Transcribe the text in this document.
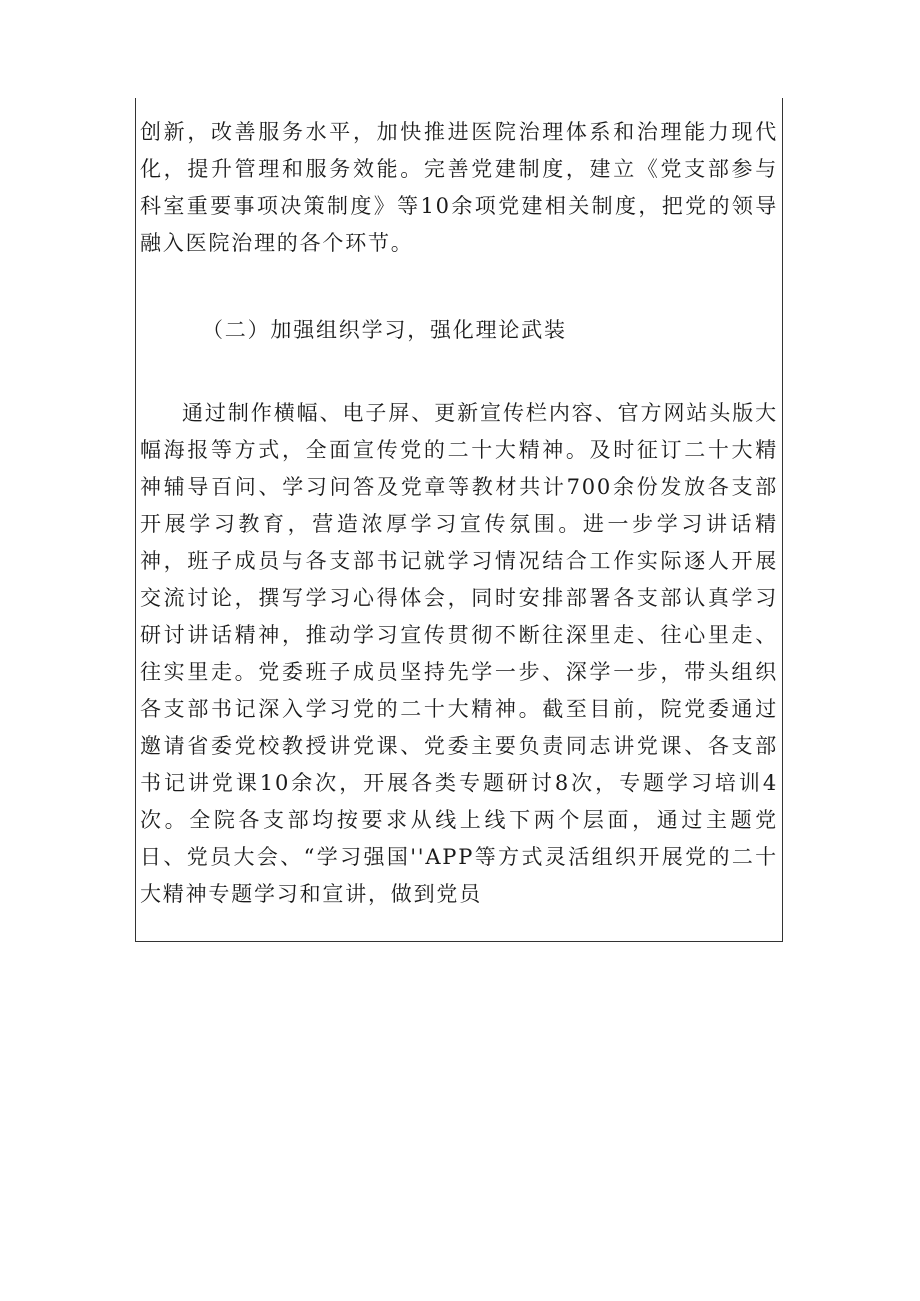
创新，改善服务水平，加快推进医院治理体系和治理能力现代化，提升管理和服务效能。完善党建制度，建立《党支部参与科室重要事项决策制度》等10余项党建相关制度，把党的领导融入医院治理的各个环节。

（二）加强组织学习，强化理论武装

通过制作横幅、电子屏、更新宣传栏内容、官方网站头版大幅海报等方式，全面宣传党的二十大精神。及时征订二十大精神辅导百问、学习问答及党章等教材共计700余份发放各支部开展学习教育，营造浓厚学习宣传氛围。进一步学习讲话精神，班子成员与各支部书记就学习情况结合工作实际逐人开展交流讨论，撰写学习心得体会，同时安排部署各支部认真学习研讨讲话精神，推动学习宣传贯彻不断往深里走、往心里走、往实里走。党委班子成员坚持先学一步、深学一步，带头组织各支部书记深入学习党的二十大精神。截至目前，院党委通过邀请省委党校教授讲党课、党委主要负责同志讲党课、各支部书记讲党课10余次，开展各类专题研讨8次，专题学习培训4次。全院各支部均按要求从线上线下两个层面，通过主题党日、党员大会、“学习强国''APP等方式灵活组织开展党的二十大精神专题学习和宣讲，做到党员
